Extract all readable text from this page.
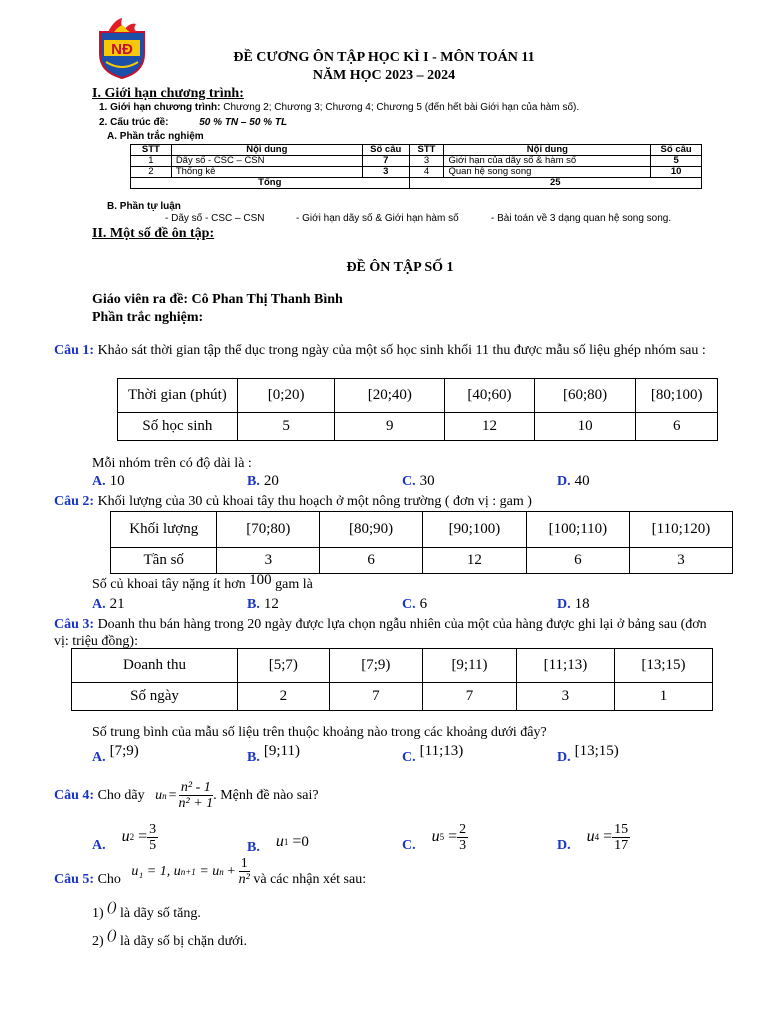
NĐ	ĐỀ CƯƠNG ÔN TẬP HỌC KÌ I - MÔN TOÁN 11
NĂM HỌC 2023 – 2024
I. Giới hạn chương trình:
1. Giới hạn chương trình: Chương 2; Chương 3; Chương 4; Chương 5 (đến hết bài Giới hạn của hàm số).
2. Cấu trúc đề:	50 % TN – 50 % TL
A. Phần trắc nghiệm
STT	Nội dung	Số câu	STT	Nội dung	Số câu
1	Dãy số - CSC – CSN	7	3	Giới hạn của dãy số & hàm số	5
2	Thống kê	3	4	Quan hệ song song	10
Tổng			25		
B. Phần tự luận
- Dãy số - CSC – CSN	- Giới hạn dãy số & Giới hạn hàm số	- Bài toán về 3 dạng quan hệ song song.
II. Một số đề ôn tập:
ĐỀ ÔN TẬP SỐ 1
Giáo viên ra đề: Cô Phan Thị Thanh Bình
Phần trắc nghiệm:
Câu 1: Khảo sát thời gian tập thể dục trong ngày của một số học sinh khối 11 thu được mẫu số liệu ghép nhóm sau :
Thời gian (phút)	[0;20)	[20;40)	[40;60)	[60;80)	[80;100)
Số học sinh	5	9	12	10	6
Mỗi nhóm trên có độ dài là :
A. 10	B. 20	C. 30	D. 40
Câu 2: Khối lượng của 30 củ khoai tây thu hoạch ở một nông trường ( đơn vị : gam )
Khối lượng	[70;80)	[80;90)	[90;100)	[100;110)	[110;120)
Tần số	3	6	12	6	3
Số củ khoai tây nặng ít hơn 100 gam là
A. 21	B. 12	C. 6	D. 18
Câu 3: Doanh thu bán hàng trong 20 ngày được lựa chọn ngẫu nhiên của một của hàng được ghi lại ở bảng sau (đơn vị: triệu đồng):
Doanh thu	[5;7)	[7;9)	[9;11)	[11;13)	[13;15)
Số ngày	2	7	7	3	1
Số trung bình của mẫu số liệu trên thuộc khoảng nào trong các khoảng dưới đây?
A. [7;9)	B. [9;11)	C. [11;13)	D. [13;15)
Câu 4:
Cho dãy
u $n = \frac{\text{n² - 1}}{\text{n² + 1}}$ . Mệnh đề nào sai?
A.

u 2
= $\frac{3}{5}$	B.
u 1
= 0	C.

u 5
= $\frac{2}{3}$	D.

u 4
= $\frac{15}{17}$
Câu 5:
Cho

u₁ = 1, u n+1
= u n
+
$\frac{1}{\text{n²}}$
và các nhận xét sau:
1) () là dãy số tăng.
2) () là dãy số bị chặn dưới.
